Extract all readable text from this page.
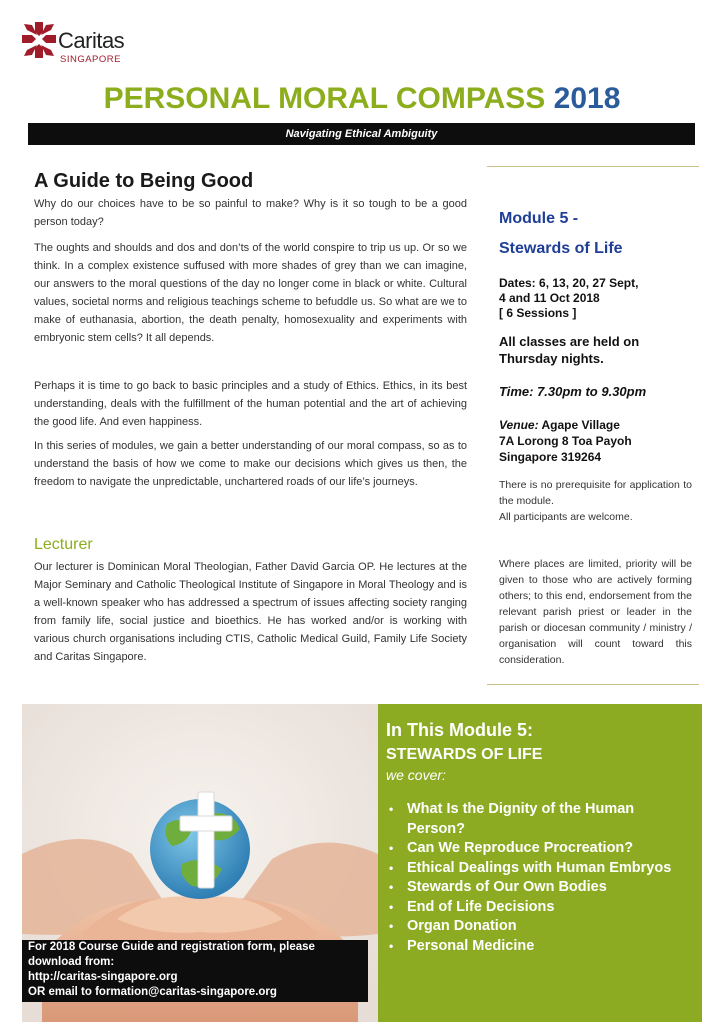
Caritas
SINGAPORE
PERSONAL MORAL COMPASS 2018
Navigating Ethical Ambiguity
A Guide to Being Good
Why do our choices have to be so painful to make? Why is it so tough to be a good person today?
The oughts and shoulds and dos and don’ts of the world conspire to trip us up. Or so we think. In a complex existence suffused with more shades of grey than we can imagine, our answers to the moral questions of the day no longer come in black or white. Cultural values, societal norms and religious teachings scheme to befuddle us. So what are we to make of euthanasia, abortion, the death penalty, homosexuality and experiments with embryonic stem cells? It all depends.
Perhaps it is time to go back to basic principles and a study of Ethics. Ethics, in its best understanding, deals with the fulfillment of the human potential and the art of achieving the good life. And even happiness.
In this series of modules, we gain a better understanding of our moral compass, so as to understand the basis of how we come to make our decisions which gives us then, the freedom to navigate the unpredictable, unchartered roads of our life’s journeys.
Lecturer
Our lecturer is Dominican Moral Theologian, Father David Garcia OP. He lectures at the Major Seminary and Catholic Theological Institute of Singapore in Moral Theology and is a well-known speaker who has addressed a spectrum of issues affecting society ranging from family life, social justice and bioethics. He has worked and/or is working with various church organisations including CTIS, Catholic Medical Guild, Family Life Society and Caritas Singapore.
Module 5 -
Stewards of Life
Dates: 6, 13, 20, 27 Sept,
4 and 11 Oct 2018
[ 6 Sessions ]
All classes are held on Thursday nights.
Time: 7.30pm to 9.30pm
Venue: Agape Village
7A Lorong 8 Toa Payoh
Singapore 319264
There is no prerequisite for application to the module.
All participants are welcome.
Where places are limited, priority will be given to those who are actively forming others; to this end, endorsement from the relevant parish priest or leader in the parish or diocesan community / ministry / organisation will count toward this consideration.
For 2018 Course Guide and registration form, please
download from:
http://caritas-singapore.org
OR email to formation@caritas-singapore.org
In This Module 5:
STEWARDS OF LIFE
we cover:
• What Is the Dignity of the Human Person?
• Can We Reproduce Procreation?
• Ethical Dealings with Human Embryos
• Stewards of Our Own Bodies
• End of Life Decisions
• Organ Donation
• Personal Medicine
